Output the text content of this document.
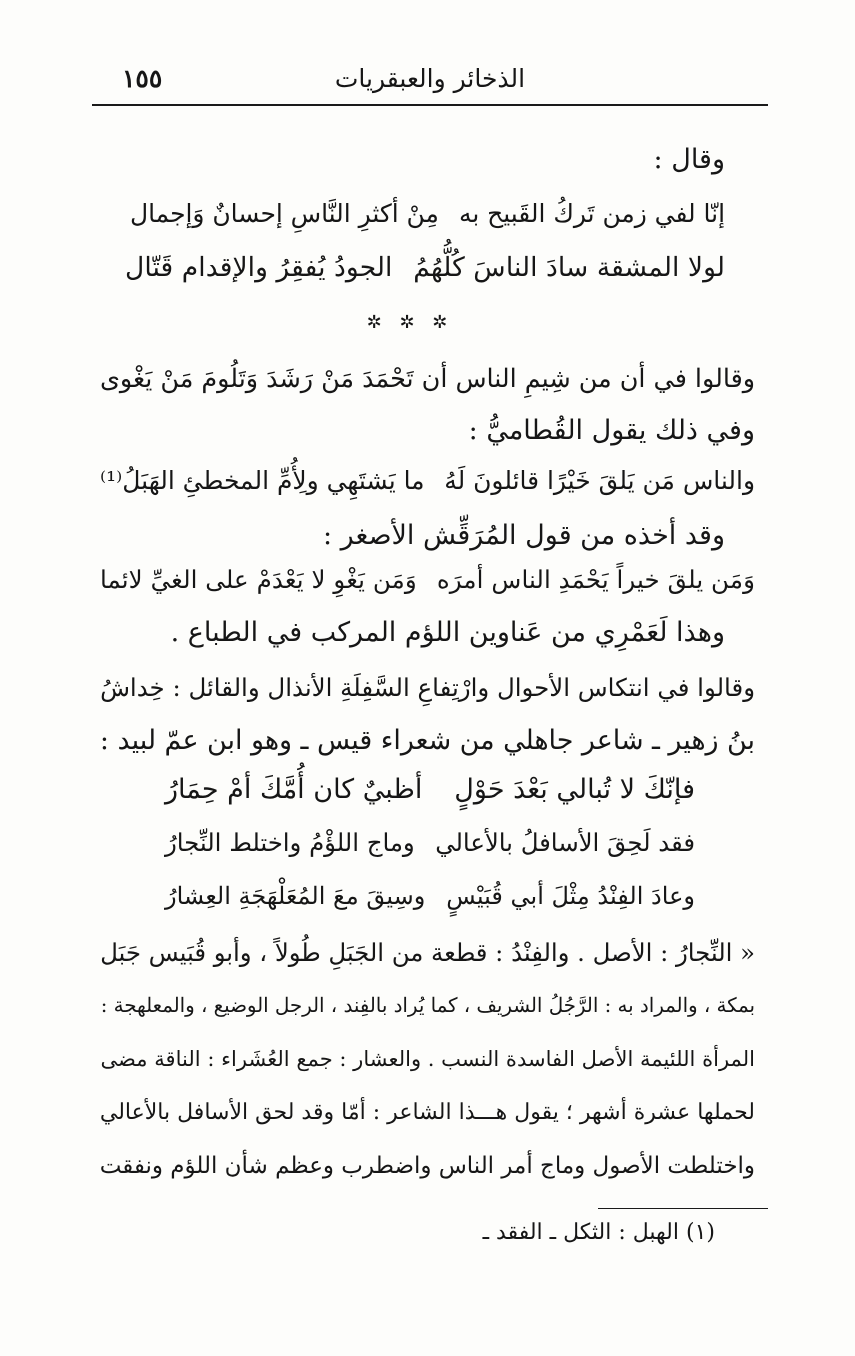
الذخائر والعبقريات
١٥٥
وقال :
إنّا لفي زمن تَركُ القَبيح به
مِنْ أكثرِ النَّاسِ إحسانٌ وَإجمال
لولا المشقة سادَ الناسَ كُلُّهُمُ
الجودُ يُفقِرُ والإقدام قَتّال
✲ ✲ ✲
وقالوا في أن من شِيمِ الناس أن تَحْمَدَ مَنْ رَشَدَ وَتَلُومَ مَنْ يَغْوى
وفي ذلك يقول القُطاميُّ :
والناس مَن يَلقَ خَيْرًا قائلونَ لَهُ
ما يَشتَهِي ولِأُمِّ المخطئِ الهَبَلُ⁽¹⁾
وقد أخذه من قول المُرَقِّش الأصغر :
وَمَن يلقَ خيراً يَحْمَدِ الناس أمرَه
وَمَن يَغْوِ لا يَعْدَمْ على الغيِّ لائما
وهذا لَعَمْرِي من عَناوين اللؤم المركب في الطباع .
وقالوا في انتكاس الأحوال وارْتِفاعِ السَّفِلَةِ الأنذال والقائل : خِداشُ
بنُ زهير ـ شاعر جاهلي من شعراء قيس ـ وهو ابن عمّ لبيد :
فإنّكَ لا تُبالي بَعْدَ حَوْلٍ
أظبيٌ كان أُمَّكَ أمْ حِمَارُ
فقد لَحِقَ الأسافلُ بالأعالي
وماج اللؤْمُ واختلط النِّجارُ
وعادَ الفِنْدُ مِثْلَ أبي قُبَيْسٍ
وسِيقَ معَ المُعَلْهَجَةِ العِشارُ
« النِّجارُ : الأصل . والفِنْدُ : قطعة من الجَبَلِ طُولاً ، وأبو قُبَيس جَبَل
بمكة ، والمراد به : الرَّجُلُ الشريف ، كما يُراد بالفِند ، الرجل الوضيع ، والمعلهجة :
المرأة اللئيمة الأصل الفاسدة النسب . والعشار : جمع العُشَراء : الناقة مضى
لحملها عشرة أشهر ؛ يقول هـــذا الشاعر : أمّا وقد لحق الأسافل بالأعالي
واختلطت الأصول وماج أمر الناس واضطرب وعظم شأن اللؤم ونفقت
(١) الهبل : الثكل ـ الفقد ـ
